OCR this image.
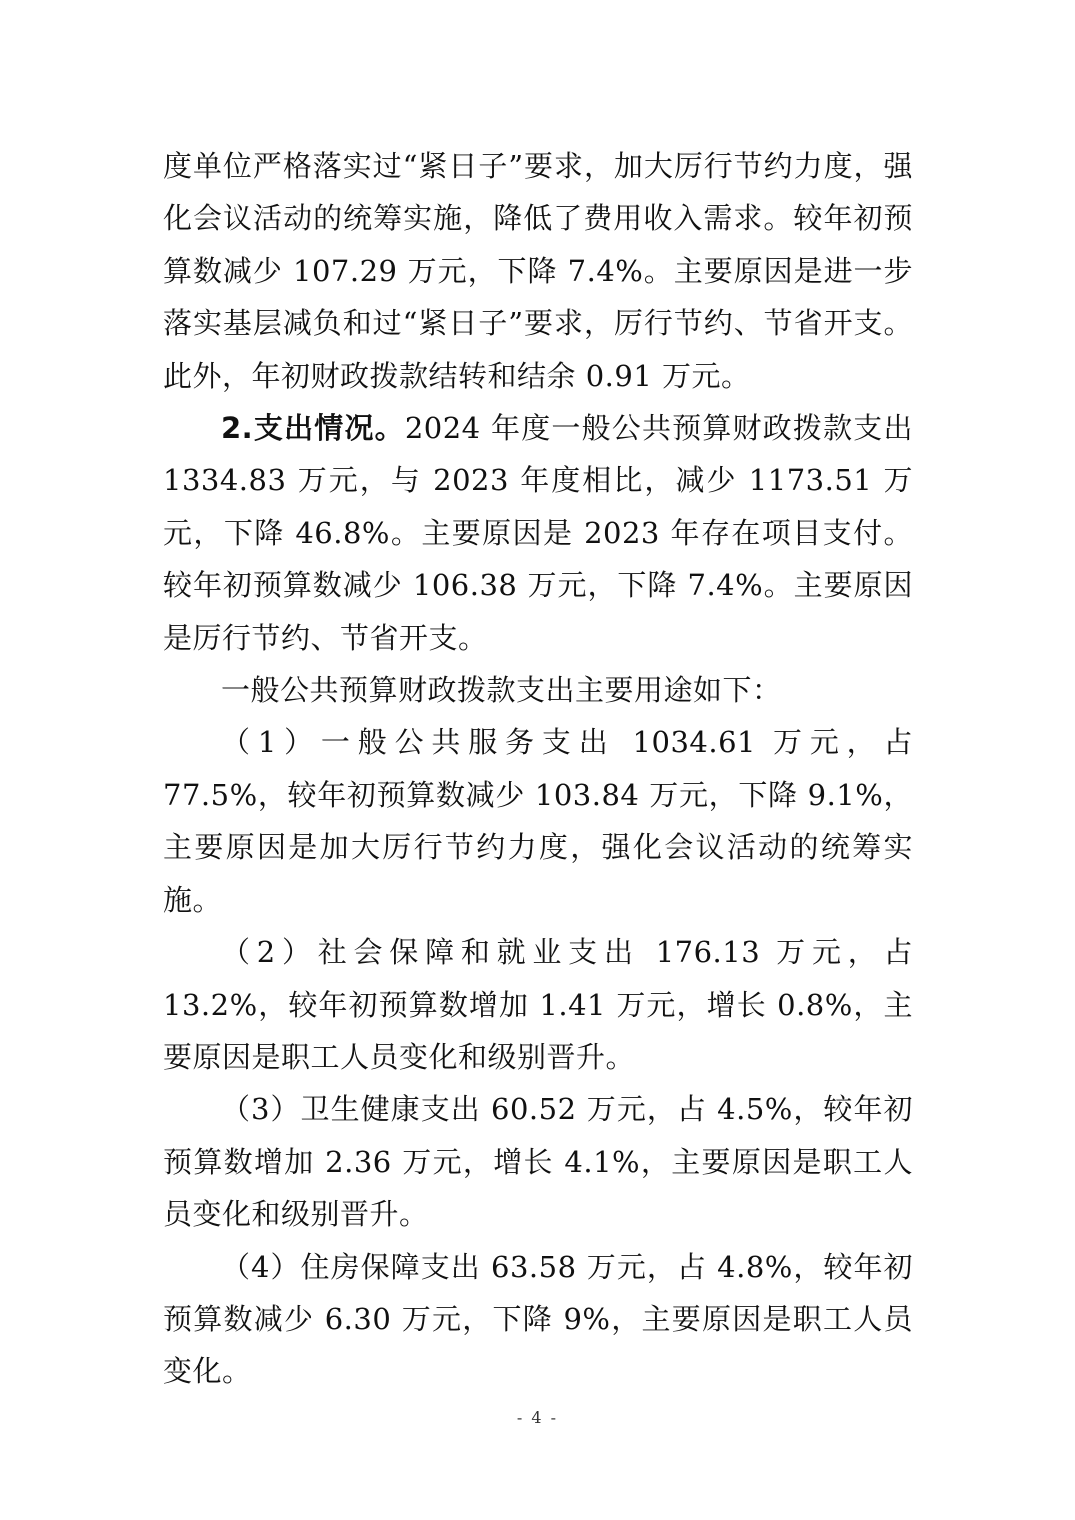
度单位严格落实过“紧日子”要求，加大厉行节约力度，强化会议活动的统筹实施，降低了费用收入需求。较年初预算数减少 107.29 万元，下降 7.4%。主要原因是进一步落实基层减负和过“紧日子”要求，厉行节约、节省开支。此外，年初财政拨款结转和结余 0.91 万元。

2.支出情况。2024 年度一般公共预算财政拨款支出 1334.83 万元，与 2023 年度相比，减少 1173.51 万元，下降 46.8%。主要原因是 2023 年存在项目支付。较年初预算数减少 106.38 万元，下降 7.4%。主要原因是厉行节约、节省开支。

一般公共预算财政拨款支出主要用途如下：

（1）一般公共服务支出 1034.61 万元，占 77.5%，较年初预算数减少 103.84 万元，下降 9.1%，主要原因是加大厉行节约力度，强化会议活动的统筹实施。

（2）社会保障和就业支出 176.13 万元，占 13.2%，较年初预算数增加 1.41 万元，增长 0.8%，主要原因是职工人员变化和级别晋升。

（3）卫生健康支出 60.52 万元，占 4.5%，较年初预算数增加 2.36 万元，增长 4.1%，主要原因是职工人员变化和级别晋升。

（4）住房保障支出 63.58 万元，占 4.8%，较年初预算数减少 6.30 万元，下降 9%，主要原因是职工人员变化。

- 4 -
